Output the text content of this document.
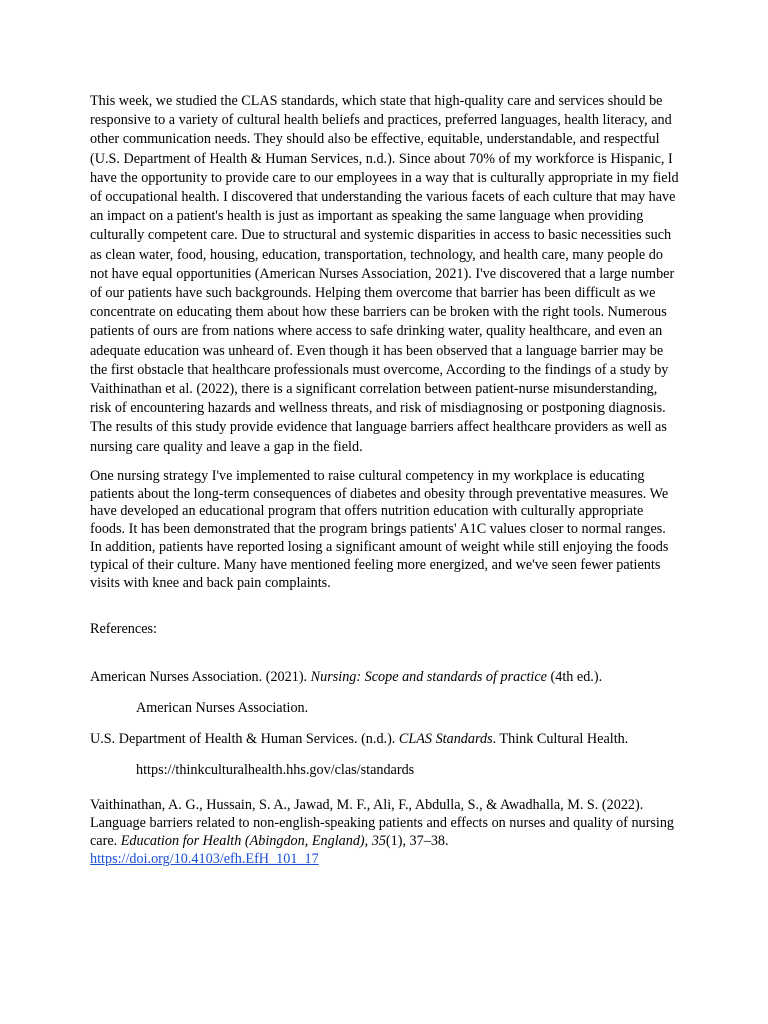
This week, we studied the CLAS standards, which state that high-quality care and services should be responsive to a variety of cultural health beliefs and practices, preferred languages, health literacy, and other communication needs. They should also be effective, equitable, understandable, and respectful (U.S. Department of Health & Human Services, n.d.). Since about 70% of my workforce is Hispanic, I have the opportunity to provide care to our employees in a way that is culturally appropriate in my field of occupational health. I discovered that understanding the various facets of each culture that may have an impact on a patient's health is just as important as speaking the same language when providing culturally competent care. Due to structural and systemic disparities in access to basic necessities such as clean water, food, housing, education, transportation, technology, and health care, many people do not have equal opportunities (American Nurses Association, 2021). I've discovered that a large number of our patients have such backgrounds. Helping them overcome that barrier has been difficult as we concentrate on educating them about how these barriers can be broken with the right tools. Numerous patients of ours are from nations where access to safe drinking water, quality healthcare, and even an adequate education was unheard of. Even though it has been observed that a language barrier may be the first obstacle that healthcare professionals must overcome, According to the findings of a study by Vaithinathan et al. (2022), there is a significant correlation between patient-nurse misunderstanding, risk of encountering hazards and wellness threats, and risk of misdiagnosing or postponing diagnosis. The results of this study provide evidence that language barriers affect healthcare providers as well as nursing care quality and leave a gap in the field.

One nursing strategy I've implemented to raise cultural competency in my workplace is educating patients about the long-term consequences of diabetes and obesity through preventative measures. We have developed an educational program that offers nutrition education with culturally appropriate foods. It has been demonstrated that the program brings patients' A1C values closer to normal ranges. In addition, patients have reported losing a significant amount of weight while still enjoying the foods typical of their culture. Many have mentioned feeling more energized, and we've seen fewer patients visits with knee and back pain complaints.

References:

American Nurses Association. (2021). Nursing: Scope and standards of practice (4th ed.).

American Nurses Association.

U.S. Department of Health & Human Services. (n.d.). CLAS Standards. Think Cultural Health.

https://thinkculturalhealth.hhs.gov/clas/standards

Vaithinathan, A. G., Hussain, S. A., Jawad, M. F., Ali, F., Abdulla, S., & Awadhalla, M. S. (2022). Language barriers related to non-english-speaking patients and effects on nurses and quality of nursing care. Education for Health (Abingdon, England), 35(1), 37–38.
https://doi.org/10.4103/efh.EfH_101_17
